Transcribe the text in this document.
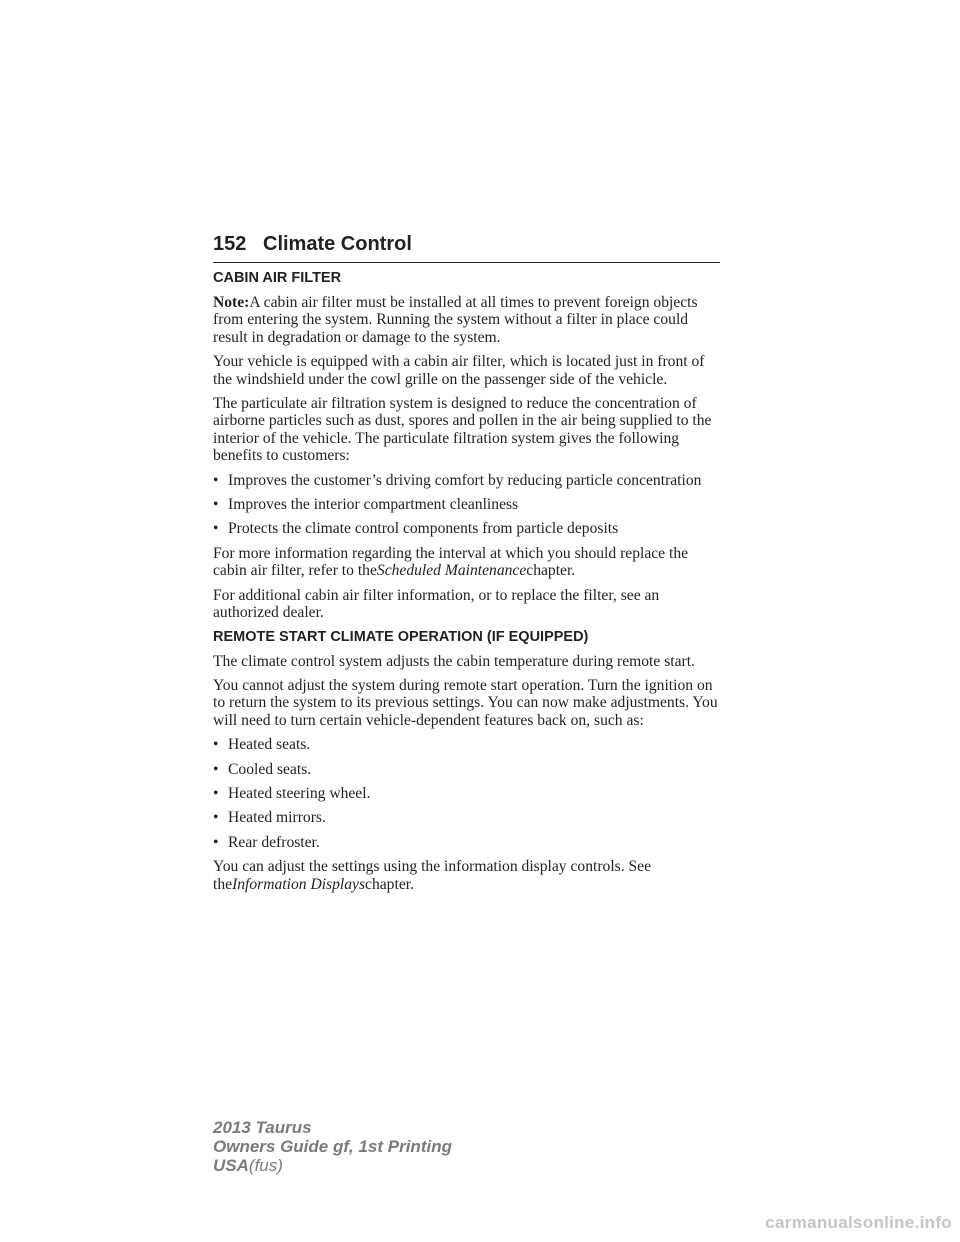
152 Climate Control
CABIN AIR FILTER

Note:A cabin air filter must be installed at all times to prevent foreign objects from entering the system. Running the system without a filter in place could result in degradation or damage to the system.

Your vehicle is equipped with a cabin air filter, which is located just in front of the windshield under the cowl grille on the passenger side of the vehicle.

The particulate air filtration system is designed to reduce the concentration of airborne particles such as dust, spores and pollen in the air being supplied to the interior of the vehicle. The particulate filtration system gives the following benefits to customers:

• Improves the customer’s driving comfort by reducing particle concentration
• Improves the interior compartment cleanliness
• Protects the climate control components from particle deposits

For more information regarding the interval at which you should replace the cabin air filter, refer to theScheduled Maintenancechapter.

For additional cabin air filter information, or to replace the filter, see an authorized dealer.

REMOTE START CLIMATE OPERATION (IF EQUIPPED)

The climate control system adjusts the cabin temperature during remote start.

You cannot adjust the system during remote start operation. Turn the ignition on to return the system to its previous settings. You can now make adjustments. You will need to turn certain vehicle-dependent features back on, such as:

• Heated seats.
• Cooled seats.
• Heated steering wheel.
• Heated mirrors.
• Rear defroster.

You can adjust the settings using the information display controls. See theInformation Displayschapter.

2013 Taurus
Owners Guide gf, 1st Printing
USA(fus)
carmanualsonline.info
